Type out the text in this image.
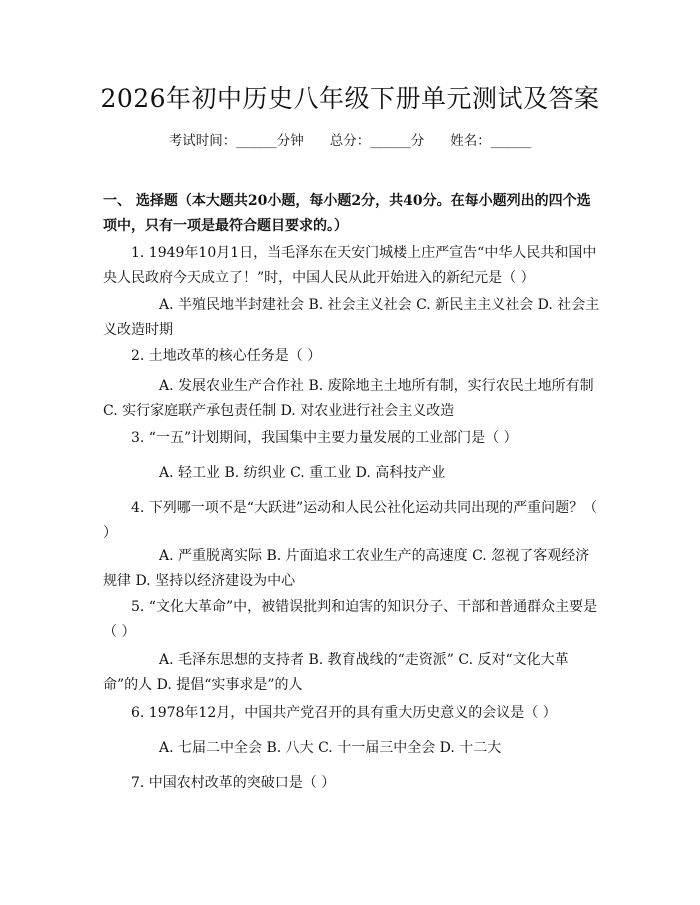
2026年初中历史八年级下册单元测试及答案
考试时间：______分钟 总分：______分 姓名：______
一、 选择题（本大题共20小题，每小题2分，共40分。在每小题列出的四个选项中，只有一项是最符合题目要求的。）
1. 1949年10月1日，当毛泽东在天安门城楼上庄严宣告“中华人民共和国中央人民政府今天成立了！”时，中国人民从此开始进入的新纪元是（ ）
A. 半殖民地半封建社会 B. 社会主义社会 C. 新民主主义社会 D. 社会主义改造时期
2. 土地改革的核心任务是（ ）
A. 发展农业生产合作社 B. 废除地主土地所有制，实行农民土地所有制 C. 实行家庭联产承包责任制 D. 对农业进行社会主义改造
3. “一五”计划期间，我国集中主要力量发展的工业部门是（ ）
A. 轻工业 B. 纺织业 C. 重工业 D. 高科技产业
4. 下列哪一项不是“大跃进”运动和人民公社化运动共同出现的严重问题？（ ）
A. 严重脱离实际 B. 片面追求工农业生产的高速度 C. 忽视了客观经济规律 D. 坚持以经济建设为中心
5. “文化大革命”中，被错误批判和迫害的知识分子、干部和普通群众主要是（ ）
A. 毛泽东思想的支持者 B. 教育战线的“走资派” C. 反对“文化大革命”的人 D. 提倡“实事求是”的人
6. 1978年12月，中国共产党召开的具有重大历史意义的会议是（ ）
A. 七届二中全会 B. 八大 C. 十一届三中全会 D. 十二大
7. 中国农村改革的突破口是（ ）
